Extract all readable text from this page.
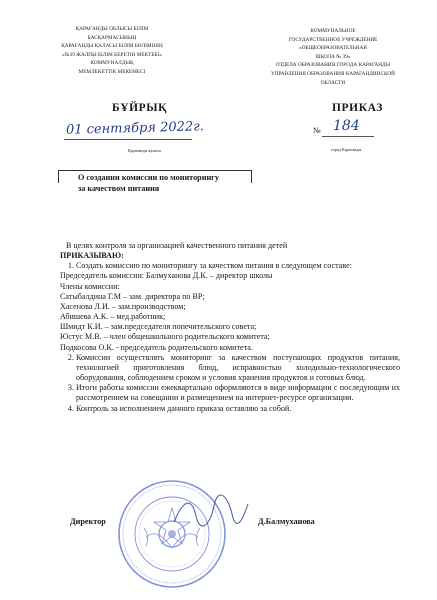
ҚАРАҒАНДЫ ОБЛЫСЫ БІЛІМ БАСҚАРМАСЫНЫҢ
ҚАРАҒАНДЫ ҚАЛАСЫ БІЛІМ БӨЛІМІНІҢ
«№39 ЖАЛПЫ БІЛІМ БЕРЕТІН МЕКТЕБІ»
КОММУНАЛДЫҚ
МЕМЛЕКЕТТІК МЕКЕМЕСІ
КОММУНАЛЬНОЕ
ГОСУДАРСТВЕННОЕ УЧРЕЖДЕНИЕ
«ОБЩЕОБРАЗОВАТЕЛЬНАЯ
ШКОЛА № 39»
ОТДЕЛА ОБРАЗОВАНИЯ ГОРОДА КАРАГАНДЫ
УПРАВЛЕНИЯ ОБРАЗОВАНИЯ КАРАГАНДИНСКОЙ
ОБЛАСТИ
БҰЙРЫҚ	ПРИКАЗ
01 сентября 2022г.	№ 184
Қарағанды қаласы	город Караганды
О создании комиссии по мониторингу
за качеством питания

В целях контроля за организацией качественного питания детей

ПРИКАЗЫВАЮ:

1. Создать комиссию по мониторингу за качеством питания в следующем составе:

Председатель комиссии: Балмуханова Д.К. – директор школы

Члены комиссии:

Сатыбалдина Г.М – зам. директора по ВР;

Хасенова Л.И. – зам.производством;

Абишева А.К. – мед.работник;

Шмидт К.И. – зам.председателя попечительского совета;

Юстус М.В. – член общешкольного родительского комитета;

Подкосова О.К. - председатель родительского комитета.

2. Комиссии осуществлять мониторинг за качеством поступающих продуктов питания, технологией приготовления блюд, исправностью холодильно-технологического оборудования, соблюдением сроком и условия хранения продуктов и готовых блюд.
3. Итоги работы комиссии ежеквартально оформляются в виде информации с последующим их рассмотрением на совещании и размещением на интернет-ресурсе организации.
4. Контроль за исполнением данного приказа оставляю за собой.
Директор	Д.Балмуханова
